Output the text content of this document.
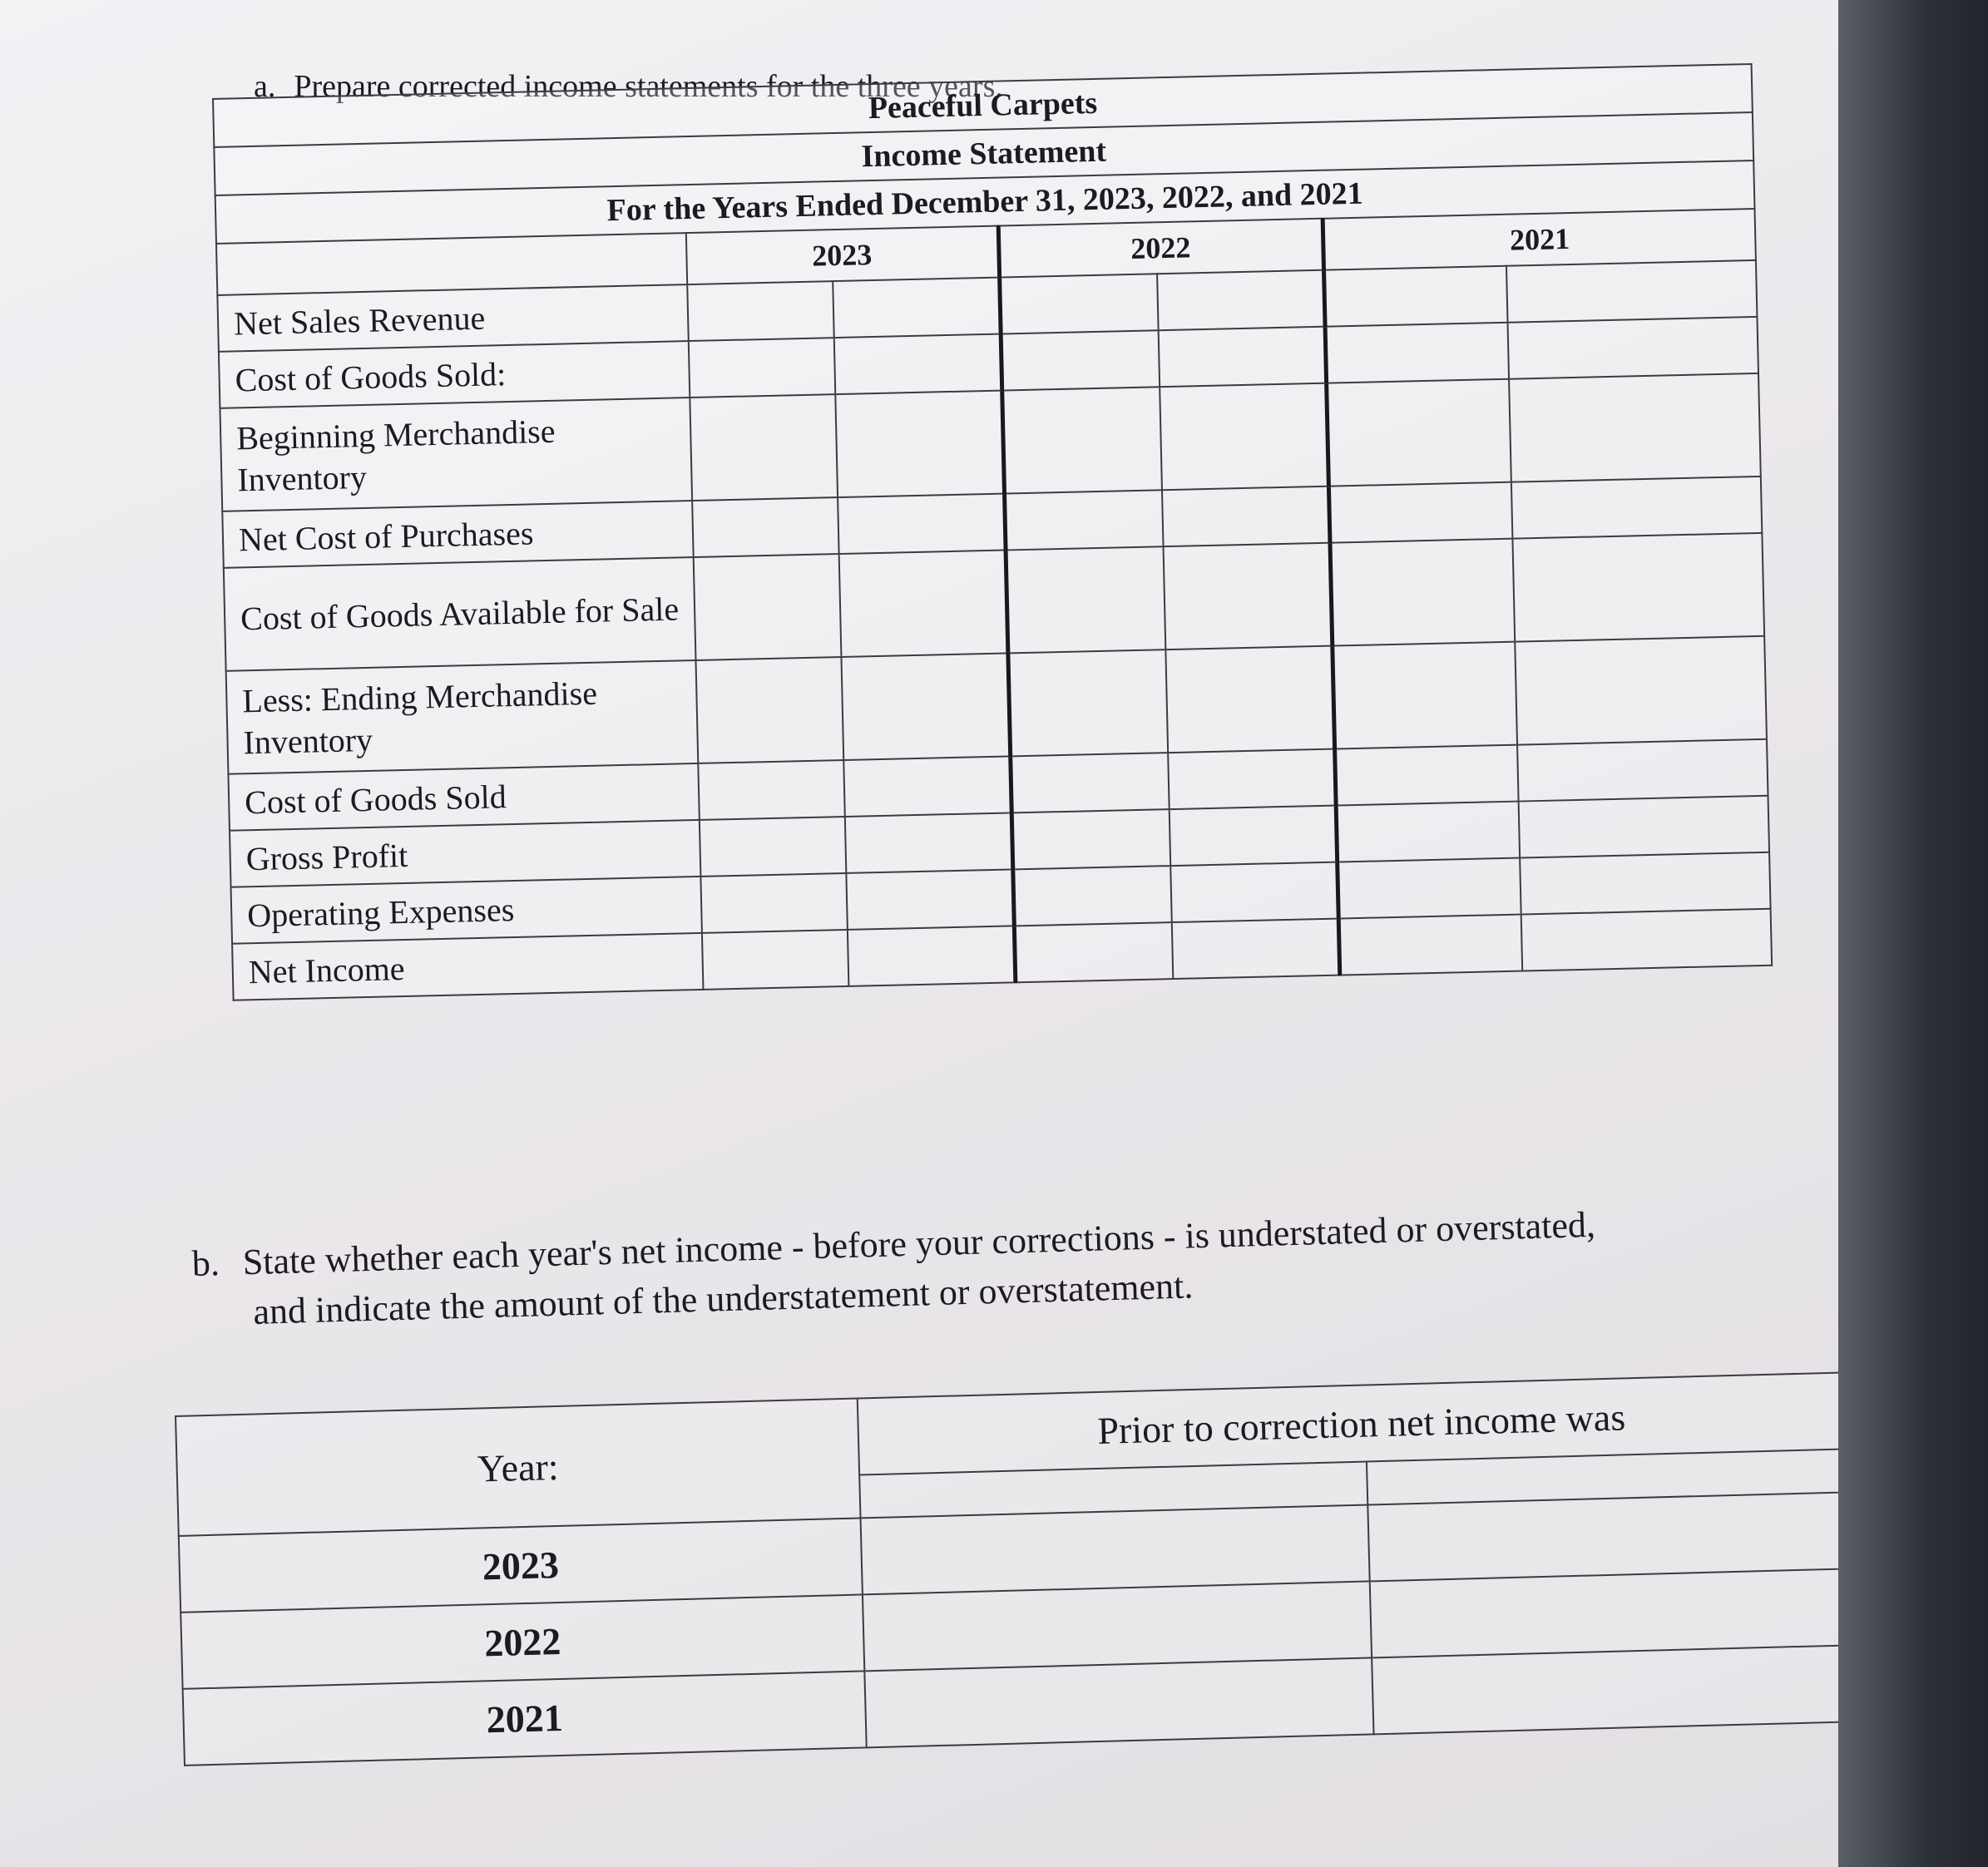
a. Prepare corrected income statements for the three years.
Peaceful Carpets						
Income Statement						
For the Years Ended December 31, 2023, 2022, and 2021						
	2023		2022		2021	
Net Sales Revenue						
Cost of Goods Sold:						
Beginning Merchandise Inventory						
Net Cost of Purchases						
Cost of Goods Available for Sale						
Less: Ending Merchandise Inventory						
Cost of Goods Sold						
Gross Profit						
Operating Expenses						
Net Income						
b. State whether each year's net income - before your corrections - is understated or overstated,
and indicate the amount of the understatement or overstatement.
Year:	Prior to correction net income was	

2023		
2022		
2021		
